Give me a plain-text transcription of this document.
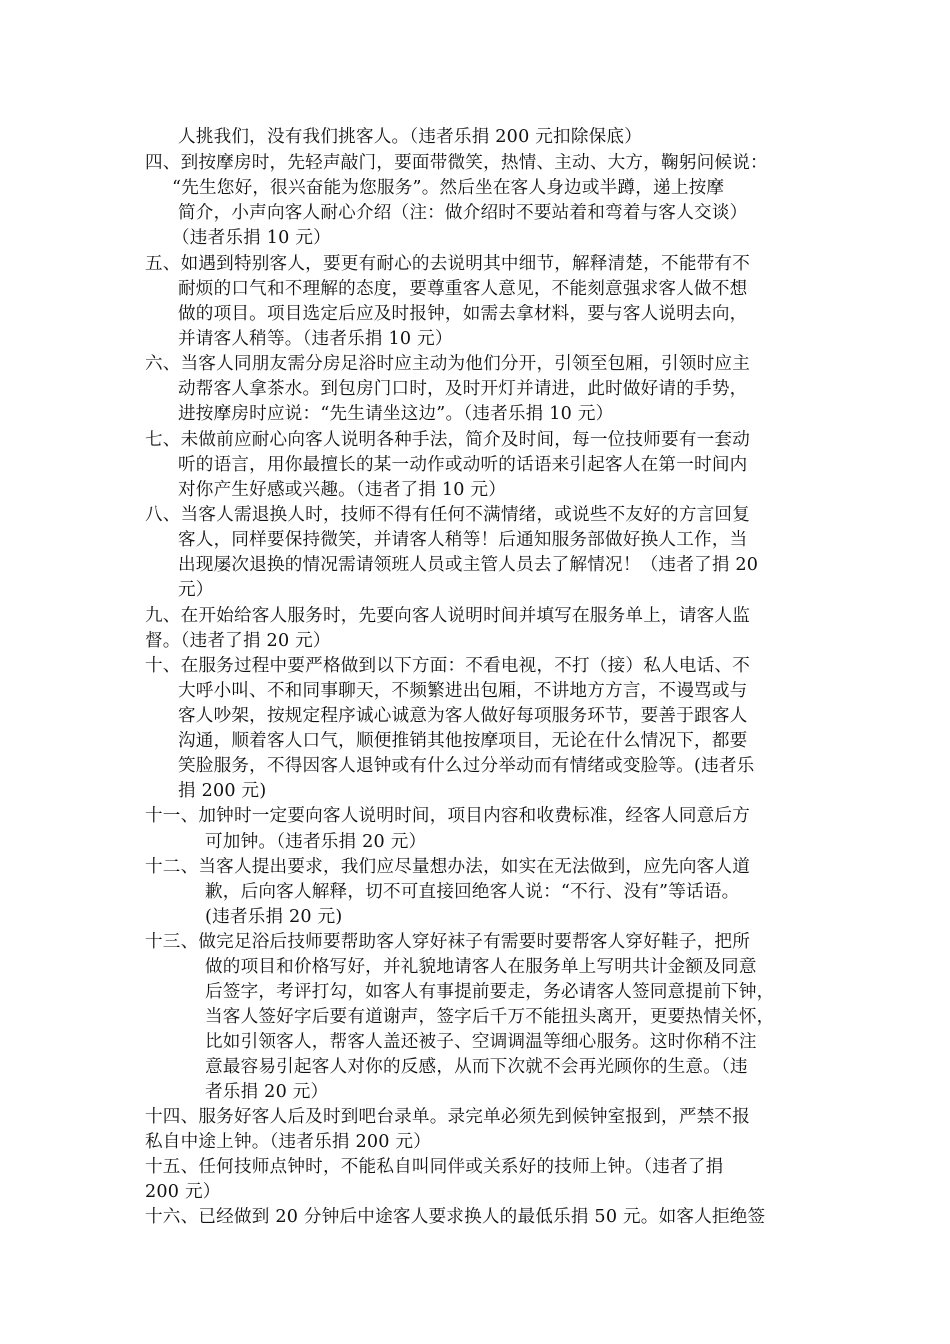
人挑我们，没有我们挑客人。（违者乐捐 200 元扣除保底）
四、到按摩房时，先轻声敲门，要面带微笑，热情、主动、大方，鞠躬问候说：
“先生您好，很兴奋能为您服务”。然后坐在客人身边或半蹲，递上按摩
简介，小声向客人耐心介绍（注：做介绍时不要站着和弯着与客人交谈）
（违者乐捐 10 元）
五、如遇到特别客人，要更有耐心的去说明其中细节，解释清楚，不能带有不
耐烦的口气和不理解的态度，要尊重客人意见，不能刻意强求客人做不想
做的项目。项目选定后应及时报钟，如需去拿材料，要与客人说明去向，
并请客人稍等。（违者乐捐 10 元）
六、当客人同朋友需分房足浴时应主动为他们分开，引领至包厢，引领时应主
动帮客人拿茶水。到包房门口时，及时开灯并请进，此时做好请的手势，
进按摩房时应说：“先生请坐这边”。（违者乐捐 10 元）
七、未做前应耐心向客人说明各种手法，简介及时间，每一位技师要有一套动
听的语言，用你最擅长的某一动作或动听的话语来引起客人在第一时间内
对你产生好感或兴趣。（违者了捐 10 元）
八、当客人需退换人时，技师不得有任何不满情绪，或说些不友好的方言回复
客人，同样要保持微笑，并请客人稍等！后通知服务部做好换人工作，当
出现屡次退换的情况需请领班人员或主管人员去了解情况！（违者了捐 20
元）
九、在开始给客人服务时，先要向客人说明时间并填写在服务单上，请客人监
督。（违者了捐 20 元）
十、在服务过程中要严格做到以下方面：不看电视，不打（接）私人电话、不
大呼小叫、不和同事聊天，不频繁进出包厢，不讲地方方言，不谩骂或与
客人吵架，按规定程序诚心诚意为客人做好每项服务环节，要善于跟客人
沟通，顺着客人口气，顺便推销其他按摩项目，无论在什么情况下，都要
笑脸服务，不得因客人退钟或有什么过分举动而有情绪或变脸等。(违者乐
捐 200 元)
十一、加钟时一定要向客人说明时间，项目内容和收费标准，经客人同意后方
可加钟。（违者乐捐 20 元）
十二、当客人提出要求，我们应尽量想办法，如实在无法做到，应先向客人道
歉，后向客人解释，切不可直接回绝客人说：“不行、没有”等话语。
(违者乐捐 20 元)
十三、做完足浴后技师要帮助客人穿好袜子有需要时要帮客人穿好鞋子，把所
做的项目和价格写好，并礼貌地请客人在服务单上写明共计金额及同意
后签字，考评打勾，如客人有事提前要走，务必请客人签同意提前下钟，
当客人签好字后要有道谢声，签字后千万不能扭头离开，更要热情关怀，
比如引领客人，帮客人盖还被子、空调调温等细心服务。这时你稍不注
意最容易引起客人对你的反感，从而下次就不会再光顾你的生意。（违
者乐捐 20 元）
十四、服务好客人后及时到吧台录单。录完单必须先到候钟室报到，严禁不报
私自中途上钟。（违者乐捐 200 元）
十五、任何技师点钟时，不能私自叫同伴或关系好的技师上钟。（违者了捐
200 元）
十六、已经做到 20 分钟后中途客人要求换人的最低乐捐 50 元。如客人拒绝签
